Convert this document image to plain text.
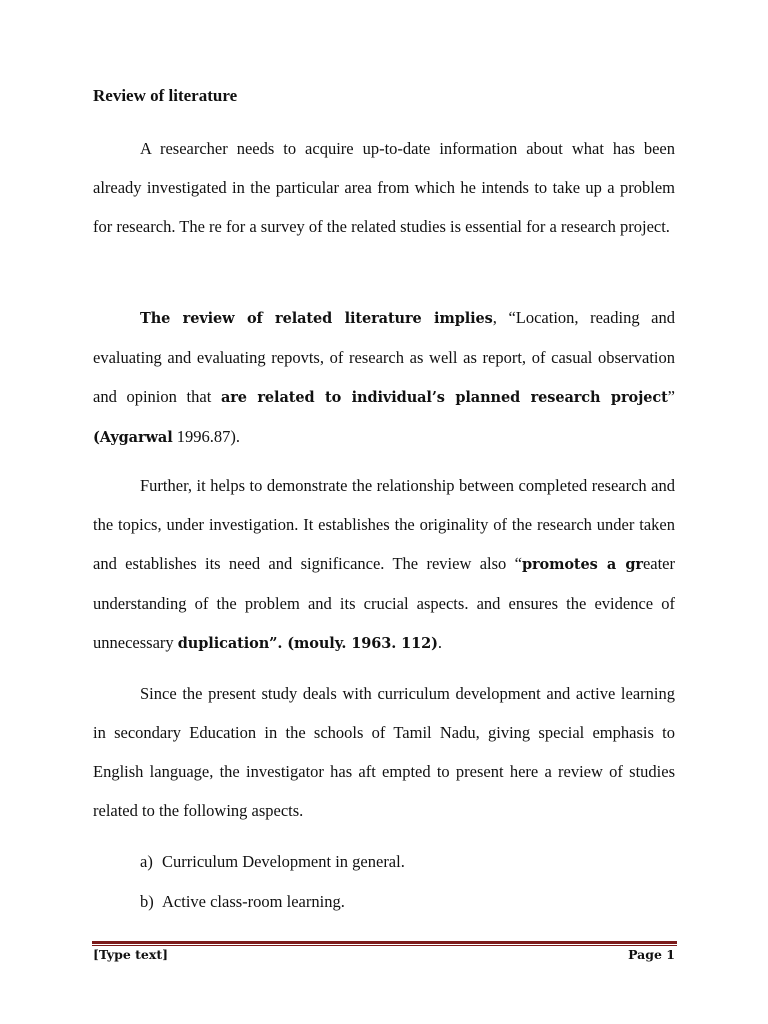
Review of literature

A researcher needs to acquire up-to-date information about what has been already investigated in the particular area from which he intends to take up a problem for research. The re for a survey of the related studies is essential for a research project.

The review of related literature implies, “Location, reading and evaluating and evaluating repovts, of research as well as report, of casual observation and opinion that are related to individual’s planned research project” (Aygarwal 1996.87).

Further, it helps to demonstrate the relationship between completed research and the topics, under investigation. It establishes the originality of the research under taken and establishes its need and significance. The review also “promotes a greater understanding of the problem and its crucial aspects. and ensures the evidence of unnecessary duplication”. (mouly. 1963. 112).

Since the present study deals with curriculum development and active learning in secondary Education in the schools of Tamil Nadu, giving special emphasis to English language, the investigator has aft empted to present here a review of studies related to the following aspects.

a) Curriculum Development in general.
b) Active class-room learning.
[Type text]	Page 1
